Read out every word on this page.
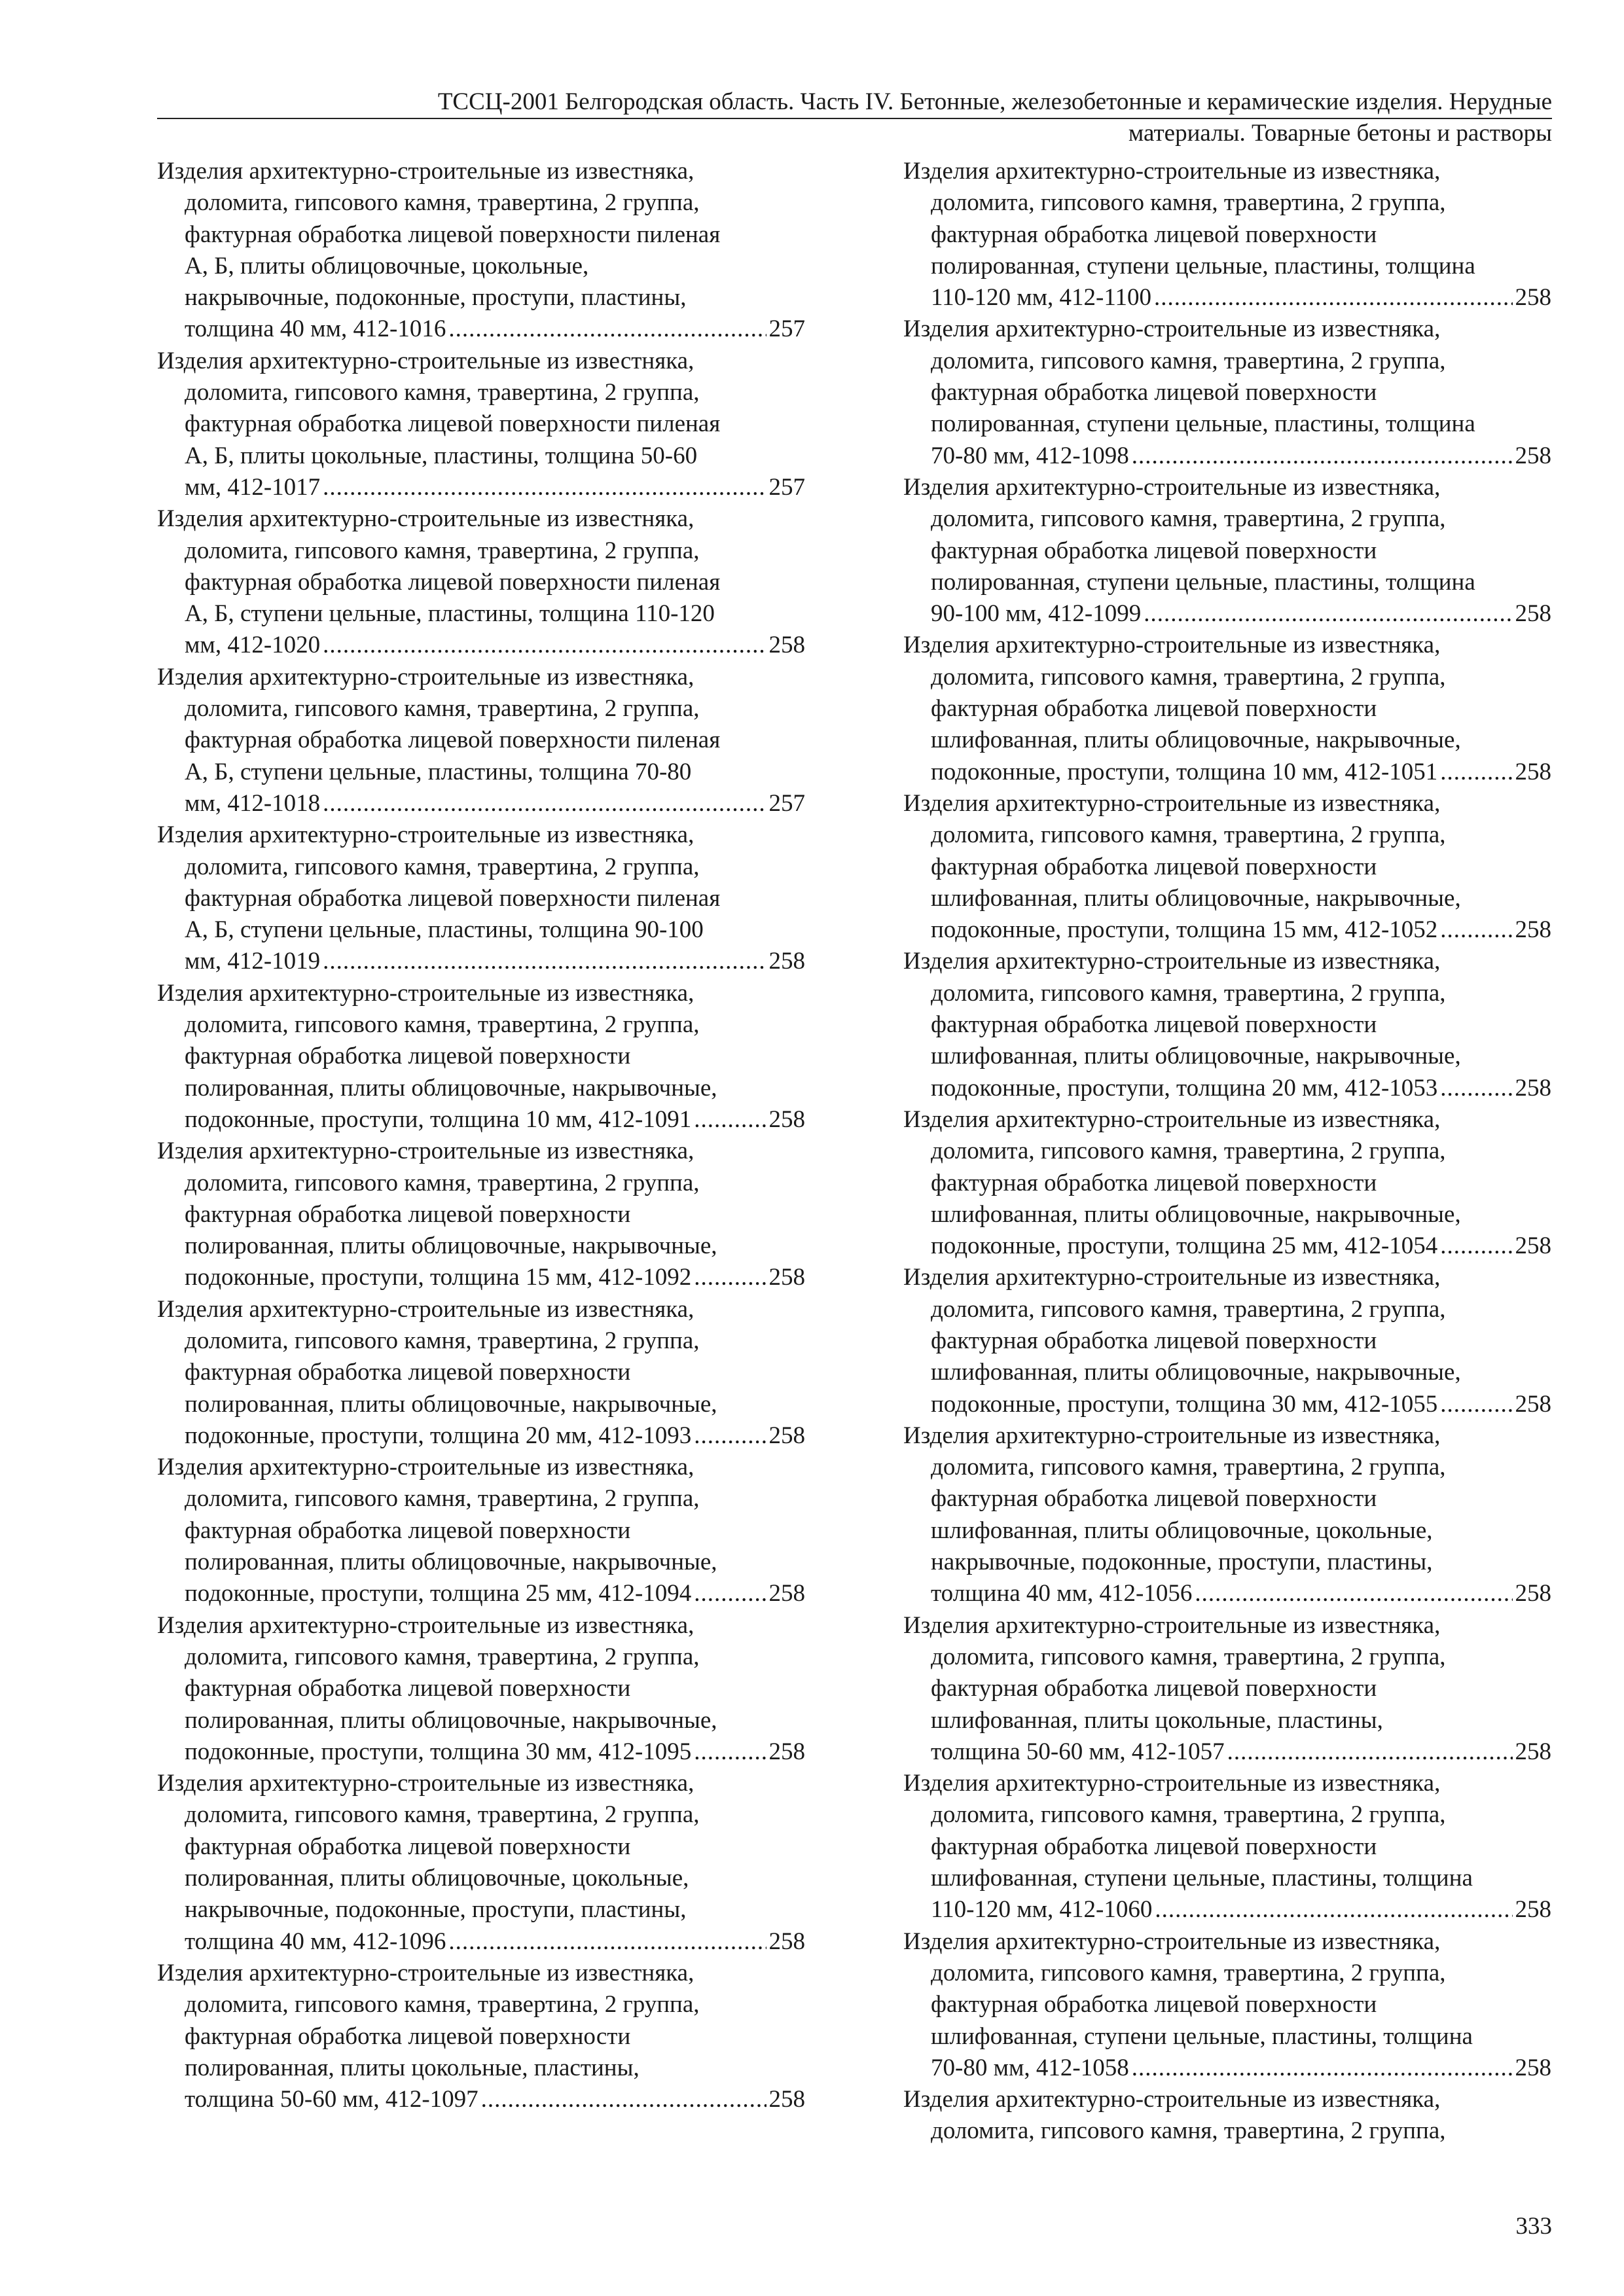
ТССЦ-2001 Белгородская область. Часть IV. Бетонные, железобетонные и керамические изделия. Нерудные
материалы. Товарные бетоны и растворы
Изделия архитектурно-строительные из известняка,
доломита, гипсового камня, травертина, 2 группа,
фактурная обработка лицевой поверхности пиленая
А, Б, плиты облицовочные, цокольные,
накрывочные, подоконные, проступи, пластины,
толщина 40 мм, 412-1016 .....	257
Изделия архитектурно-строительные из известняка,
доломита, гипсового камня, травертина, 2 группа,
фактурная обработка лицевой поверхности пиленая
А, Б, плиты цокольные, пластины, толщина 50-60
мм, 412-1017 .....	257
Изделия архитектурно-строительные из известняка,
доломита, гипсового камня, травертина, 2 группа,
фактурная обработка лицевой поверхности пиленая
А, Б, ступени цельные, пластины, толщина 110-120
мм, 412-1020 .....	258
Изделия архитектурно-строительные из известняка,
доломита, гипсового камня, травертина, 2 группа,
фактурная обработка лицевой поверхности пиленая
А, Б, ступени цельные, пластины, толщина 70-80
мм, 412-1018 .....	257
Изделия архитектурно-строительные из известняка,
доломита, гипсового камня, травертина, 2 группа,
фактурная обработка лицевой поверхности пиленая
А, Б, ступени цельные, пластины, толщина 90-100
мм, 412-1019 .....	258
Изделия архитектурно-строительные из известняка,
доломита, гипсового камня, травертина, 2 группа,
фактурная обработка лицевой поверхности
полированная, плиты облицовочные, накрывочные,
подоконные, проступи, толщина 10 мм, 412-1091 .....	258
Изделия архитектурно-строительные из известняка,
доломита, гипсового камня, травертина, 2 группа,
фактурная обработка лицевой поверхности
полированная, плиты облицовочные, накрывочные,
подоконные, проступи, толщина 15 мм, 412-1092 .....	258
Изделия архитектурно-строительные из известняка,
доломита, гипсового камня, травертина, 2 группа,
фактурная обработка лицевой поверхности
полированная, плиты облицовочные, накрывочные,
подоконные, проступи, толщина 20 мм, 412-1093 .....	258
Изделия архитектурно-строительные из известняка,
доломита, гипсового камня, травертина, 2 группа,
фактурная обработка лицевой поверхности
полированная, плиты облицовочные, накрывочные,
подоконные, проступи, толщина 25 мм, 412-1094 .....	258
Изделия архитектурно-строительные из известняка,
доломита, гипсового камня, травертина, 2 группа,
фактурная обработка лицевой поверхности
полированная, плиты облицовочные, накрывочные,
подоконные, проступи, толщина 30 мм, 412-1095 .....	258
Изделия архитектурно-строительные из известняка,
доломита, гипсового камня, травертина, 2 группа,
фактурная обработка лицевой поверхности
полированная, плиты облицовочные, цокольные,
накрывочные, подоконные, проступи, пластины,
толщина 40 мм, 412-1096 .....	258
Изделия архитектурно-строительные из известняка,
доломита, гипсового камня, травертина, 2 группа,
фактурная обработка лицевой поверхности
полированная, плиты цокольные, пластины,
толщина 50-60 мм, 412-1097 .....	258
Изделия архитектурно-строительные из известняка,
доломита, гипсового камня, травертина, 2 группа,
фактурная обработка лицевой поверхности
полированная, ступени цельные, пластины, толщина
110-120 мм, 412-1100 .....	258
Изделия архитектурно-строительные из известняка,
доломита, гипсового камня, травертина, 2 группа,
фактурная обработка лицевой поверхности
полированная, ступени цельные, пластины, толщина
70-80 мм, 412-1098 .....	258
Изделия архитектурно-строительные из известняка,
доломита, гипсового камня, травертина, 2 группа,
фактурная обработка лицевой поверхности
полированная, ступени цельные, пластины, толщина
90-100 мм, 412-1099 .....	258
Изделия архитектурно-строительные из известняка,
доломита, гипсового камня, травертина, 2 группа,
фактурная обработка лицевой поверхности
шлифованная, плиты облицовочные, накрывочные,
подоконные, проступи, толщина 10 мм, 412-1051 .....	258
Изделия архитектурно-строительные из известняка,
доломита, гипсового камня, травертина, 2 группа,
фактурная обработка лицевой поверхности
шлифованная, плиты облицовочные, накрывочные,
подоконные, проступи, толщина 15 мм, 412-1052 .....	258
Изделия архитектурно-строительные из известняка,
доломита, гипсового камня, травертина, 2 группа,
фактурная обработка лицевой поверхности
шлифованная, плиты облицовочные, накрывочные,
подоконные, проступи, толщина 20 мм, 412-1053 .....	258
Изделия архитектурно-строительные из известняка,
доломита, гипсового камня, травертина, 2 группа,
фактурная обработка лицевой поверхности
шлифованная, плиты облицовочные, накрывочные,
подоконные, проступи, толщина 25 мм, 412-1054 .....	258
Изделия архитектурно-строительные из известняка,
доломита, гипсового камня, травертина, 2 группа,
фактурная обработка лицевой поверхности
шлифованная, плиты облицовочные, накрывочные,
подоконные, проступи, толщина 30 мм, 412-1055 .....	258
Изделия архитектурно-строительные из известняка,
доломита, гипсового камня, травертина, 2 группа,
фактурная обработка лицевой поверхности
шлифованная, плиты облицовочные, цокольные,
накрывочные, подоконные, проступи, пластины,
толщина 40 мм, 412-1056 .....	258
Изделия архитектурно-строительные из известняка,
доломита, гипсового камня, травертина, 2 группа,
фактурная обработка лицевой поверхности
шлифованная, плиты цокольные, пластины,
толщина 50-60 мм, 412-1057 .....	258
Изделия архитектурно-строительные из известняка,
доломита, гипсового камня, травертина, 2 группа,
фактурная обработка лицевой поверхности
шлифованная, ступени цельные, пластины, толщина
110-120 мм, 412-1060 .....	258
Изделия архитектурно-строительные из известняка,
доломита, гипсового камня, травертина, 2 группа,
фактурная обработка лицевой поверхности
шлифованная, ступени цельные, пластины, толщина
70-80 мм, 412-1058 .....	258
Изделия архитектурно-строительные из известняка,
доломита, гипсового камня, травертина, 2 группа,
333
